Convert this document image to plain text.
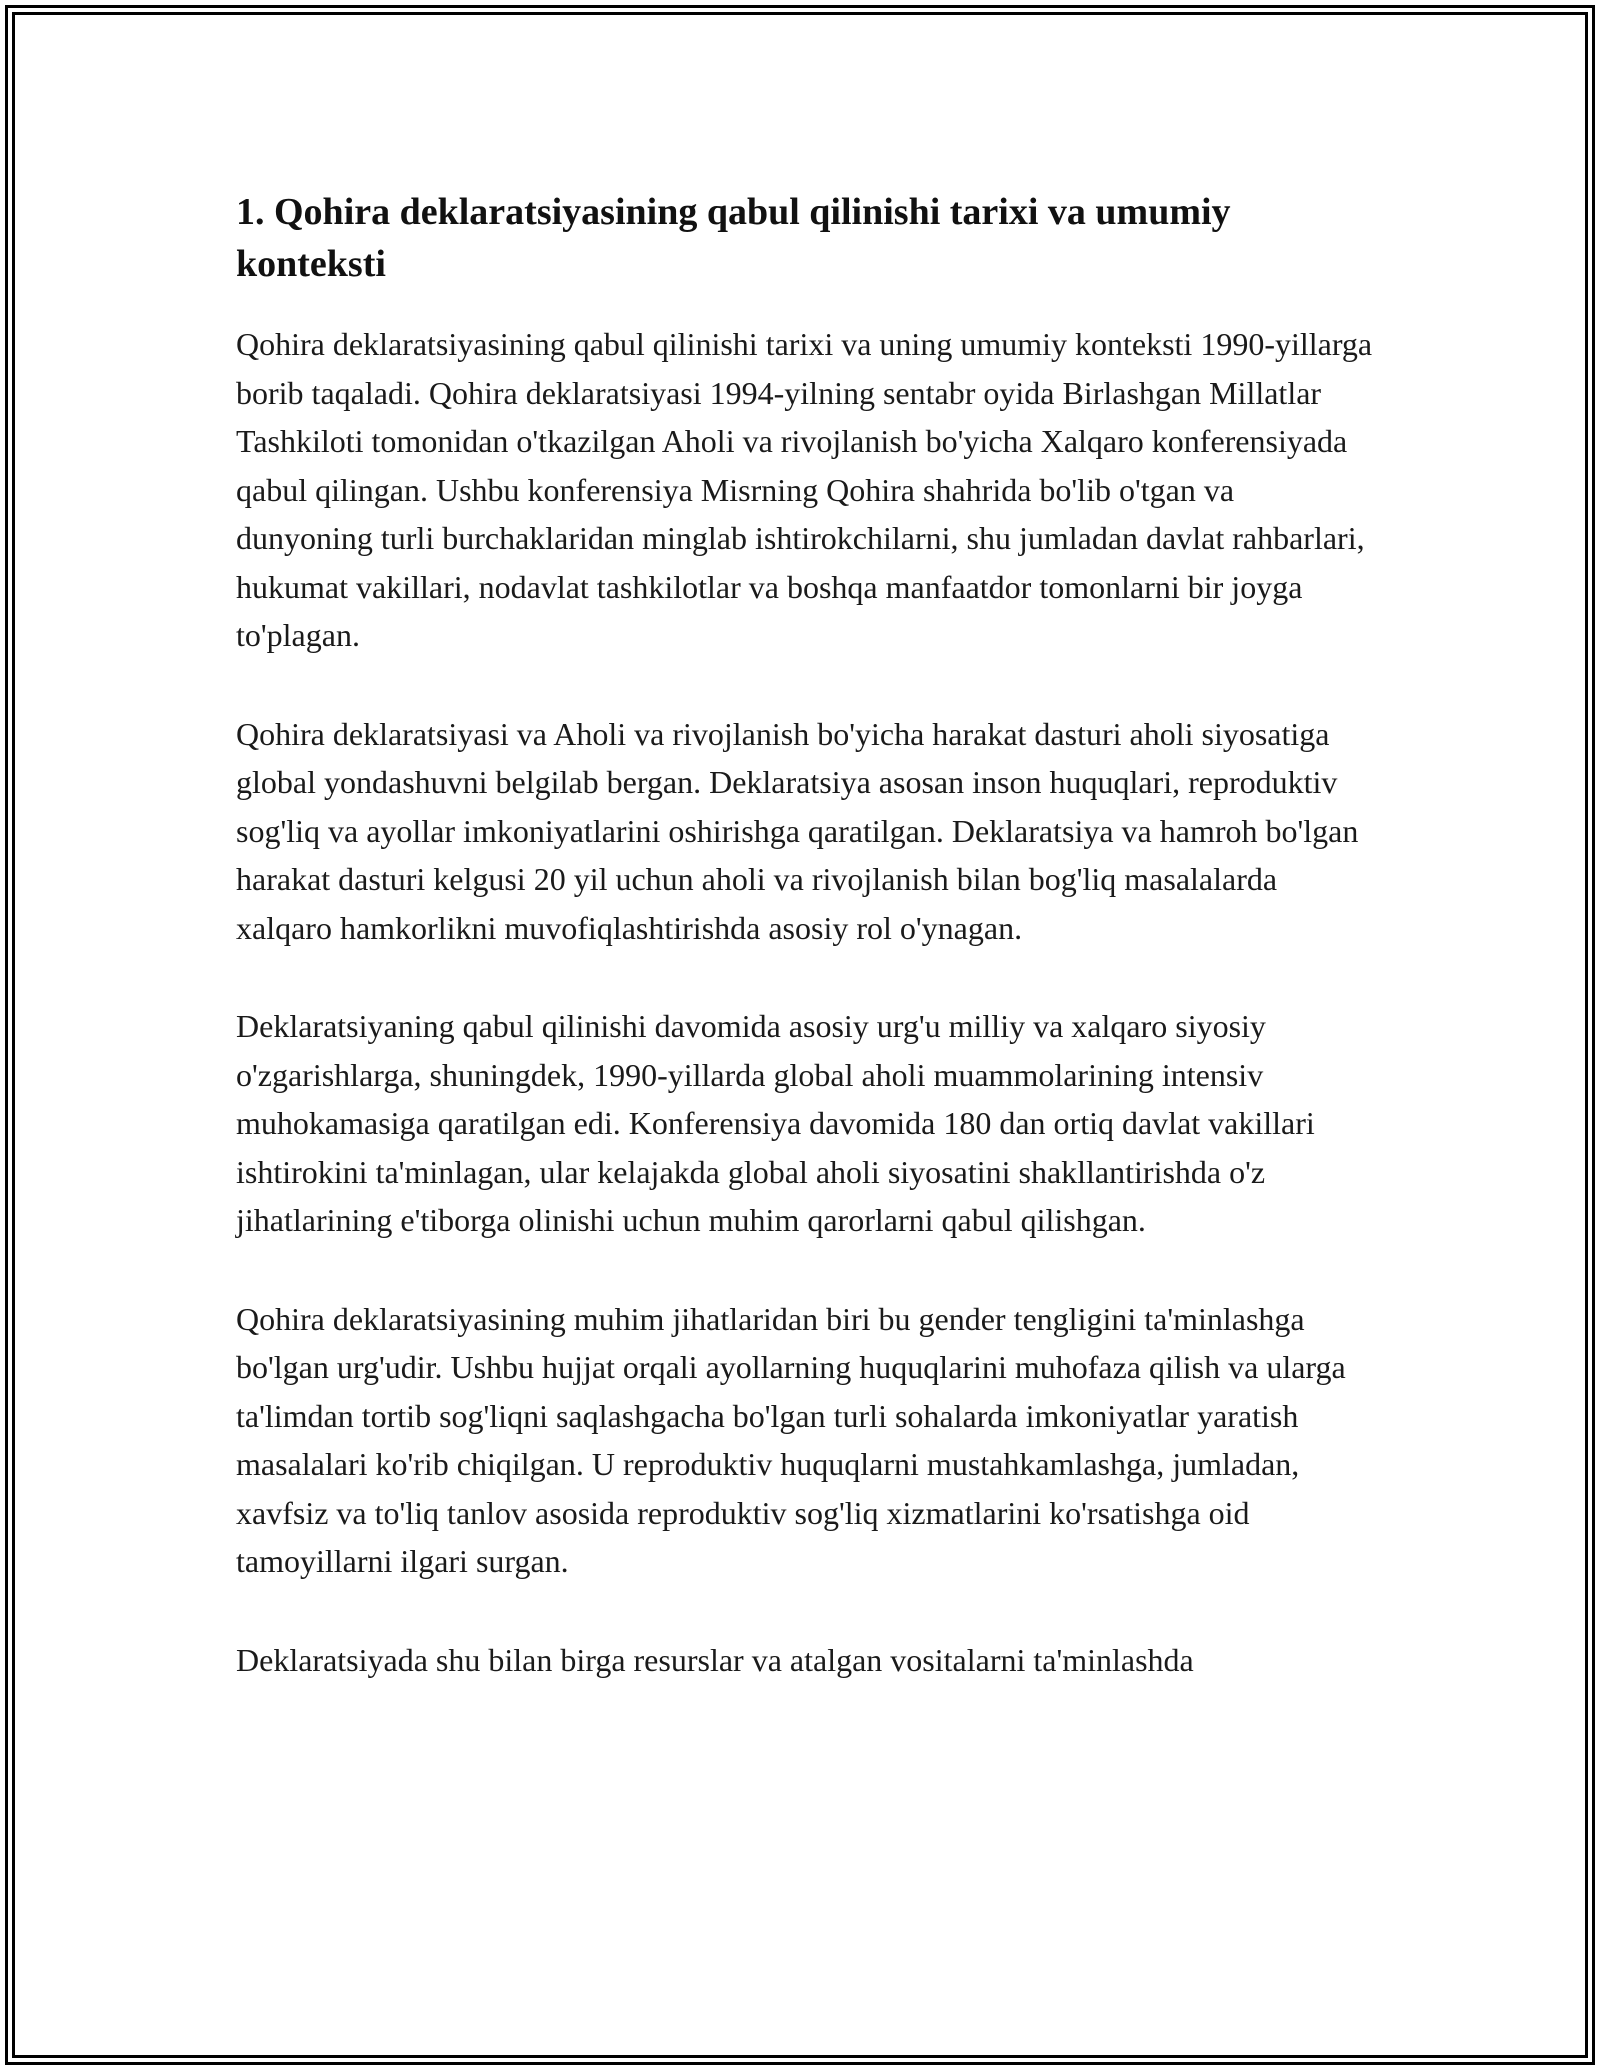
1. Qohira deklaratsiyasining qabul qilinishi tarixi va umumiy konteksti

Qohira deklaratsiyasining qabul qilinishi tarixi va uning umumiy konteksti 1990-yillarga borib taqaladi. Qohira deklaratsiyasi 1994-yilning sentabr oyida Birlashgan Millatlar Tashkiloti tomonidan o'tkazilgan Aholi va rivojlanish bo'yicha Xalqaro konferensiyada qabul qilingan. Ushbu konferensiya Misrning Qohira shahrida bo'lib o'tgan va dunyoning turli burchaklaridan minglab ishtirokchilarni, shu jumladan davlat rahbarlari, hukumat vakillari, nodavlat tashkilotlar va boshqa manfaatdor tomonlarni bir joyga to'plagan.

Qohira deklaratsiyasi va Aholi va rivojlanish bo'yicha harakat dasturi aholi siyosatiga global yondashuvni belgilab bergan. Deklaratsiya asosan inson huquqlari, reproduktiv sog'liq va ayollar imkoniyatlarini oshirishga qaratilgan. Deklaratsiya va hamroh bo'lgan harakat dasturi kelgusi 20 yil uchun aholi va rivojlanish bilan bog'liq masalalarda xalqaro hamkorlikni muvofiqlashtirishda asosiy rol o'ynagan.

Deklaratsiyaning qabul qilinishi davomida asosiy urg'u milliy va xalqaro siyosiy o'zgarishlarga, shuningdek, 1990-yillarda global aholi muammolarining intensiv muhokamasiga qaratilgan edi. Konferensiya davomida 180 dan ortiq davlat vakillari ishtirokini ta'minlagan, ular kelajakda global aholi siyosatini shakllantirishda o'z jihatlarining e'tiborga olinishi uchun muhim qarorlarni qabul qilishgan.

Qohira deklaratsiyasining muhim jihatlaridan biri bu gender tengligini ta'minlashga bo'lgan urg'udir. Ushbu hujjat orqali ayollarning huquqlarini muhofaza qilish va ularga ta'limdan tortib sog'liqni saqlashgacha bo'lgan turli sohalarda imkoniyatlar yaratish masalalari ko'rib chiqilgan. U reproduktiv huquqlarni mustahkamlashga, jumladan, xavfsiz va to'liq tanlov asosida reproduktiv sog'liq xizmatlarini ko'rsatishga oid tamoyillarni ilgari surgan.

Deklaratsiyada shu bilan birga resurslar va atalgan vositalarni ta'minlashda
